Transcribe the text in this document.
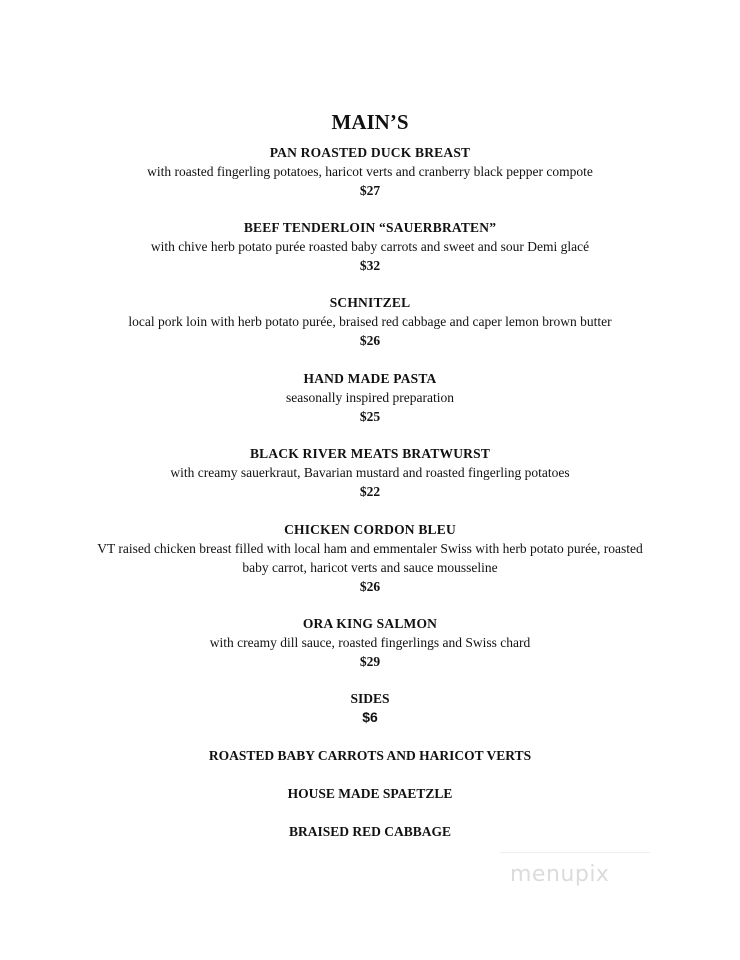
MAIN’S
PAN ROASTED DUCK BREAST
with roasted fingerling potatoes, haricot verts and cranberry black pepper compote
$27
BEEF TENDERLOIN “SAUERBRATEN”
with chive herb potato purée roasted baby carrots and sweet and sour Demi glacé
$32
SCHNITZEL
local pork loin with herb potato purée, braised red cabbage and caper lemon brown butter
$26
HAND MADE PASTA
seasonally inspired preparation
$25
BLACK RIVER MEATS BRATWURST
with creamy sauerkraut, Bavarian mustard and roasted fingerling potatoes
$22
CHICKEN CORDON BLEU
VT raised chicken breast filled with local ham and emmentaler Swiss with herb potato purée, roasted
baby carrot, haricot verts and sauce mousseline
$26
ORA KING SALMON
with creamy dill sauce, roasted fingerlings and Swiss chard
$29
SIDES
$6
ROASTED BABY CARROTS AND HARICOT VERTS
HOUSE MADE SPAETZLE
BRAISED RED CABBAGE
menupix
